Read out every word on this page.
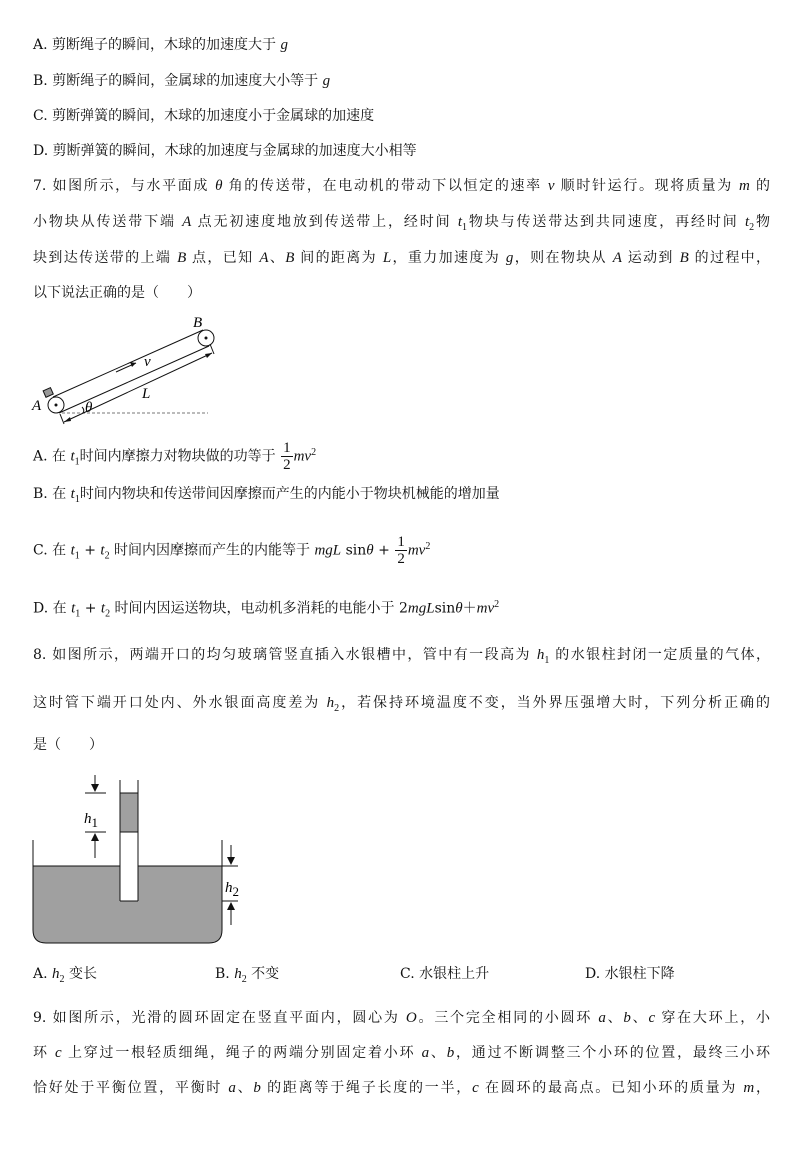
A. 剪断绳子的瞬间，木球的加速度大于 g
B. 剪断绳子的瞬间，金属球的加速度大小等于 g
C. 剪断弹簧的瞬间，木球的加速度小于金属球的加速度
D. 剪断弹簧的瞬间，木球的加速度与金属球的加速度大小相等
7. 如图所示，与水平面成 θ 角的传送带，在电动机的带动下以恒定的速率 v 顺时针运行。现将质量为 m 的
小物块从传送带下端 A 点无初速度地放到传送带上，经时间 $t_1$物块与传送带达到共同速度，再经时间 $t_2$物
块到达传送带的上端 B 点，已知 A、B 间的距离为 L，重力加速度为 g，则在物块从 A 运动到 B 的过程中，
以下说法正确的是（　　）
B
A
v
L
θ
A. 在 $t_1$时间内摩擦力对物块做的功等于 $\frac{1}{2} mv^2$
B. 在 $t_1$时间内物块和传送带间因摩擦而产生的内能小于物块机械能的增加量
C. 在 $t_1 + t_2$ 时间内因摩擦而产生的内能等于 mgL $\sin\theta + \frac{1}{2} mv^2$
D. 在 $t_1 + t_2$ 时间内因运送物块，电动机多消耗的电能小于 $2mgLsin\theta+mv^2$
8. 如图所示，两端开口的均匀玻璃管竖直插入水银槽中，管中有一段高为 $h_1$ 的水银柱封闭一定质量的气体，
这时管下端开口处内、外水银面高度差为 $h_2$，若保持环境温度不变，当外界压强增大时，下列分析正确的
是（　　）
h1
h2
A. $h_2$ 变长	B. $h_2$ 不变	C. 水银柱上升	D. 水银柱下降
9. 如图所示，光滑的圆环固定在竖直平面内，圆心为 O。三个完全相同的小圆环 a、b、c 穿在大环上，小
环 c 上穿过一根轻质细绳，绳子的两端分别固定着小环 a、b，通过不断调整三个小环的位置，最终三小环
恰好处于平衡位置，平衡时 a、b 的距离等于绳子长度的一半，c 在圆环的最高点。已知小环的质量为 m，
